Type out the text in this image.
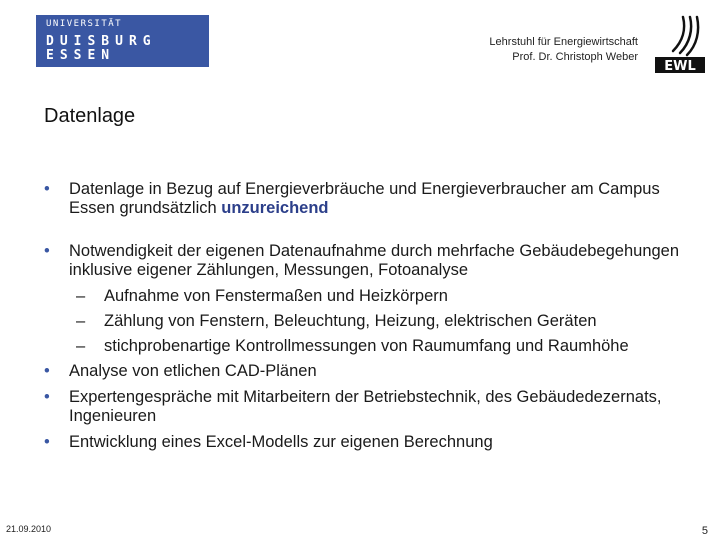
UNIVERSITÄT
DUISBURG
ESSEN
Lehrstuhl für Energiewirtschaft
Prof. Dr. Christoph Weber
EWL
Datenlage
•	Datenlage in Bezug auf Energieverbräuche und Energieverbraucher am Campus Essen grundsätzlich unzureichend
•	Notwendigkeit der eigenen Datenaufnahme durch mehrfache Gebäudebegehungen inklusive eigener Zählungen, Messungen, Fotoanalyse
– Aufnahme von Fenstermaßen und Heizkörpern
– Zählung von Fenstern, Beleuchtung, Heizung, elektrischen Geräten
– stichprobenartige Kontrollmessungen von Raumumfang und Raumhöhe
•	Analyse von etlichen CAD-Plänen
•	Expertengespräche mit Mitarbeitern der Betriebstechnik, des Gebäudedezernats, Ingenieuren
•	Entwicklung eines Excel-Modells zur eigenen Berechnung
21.09.2010	5
